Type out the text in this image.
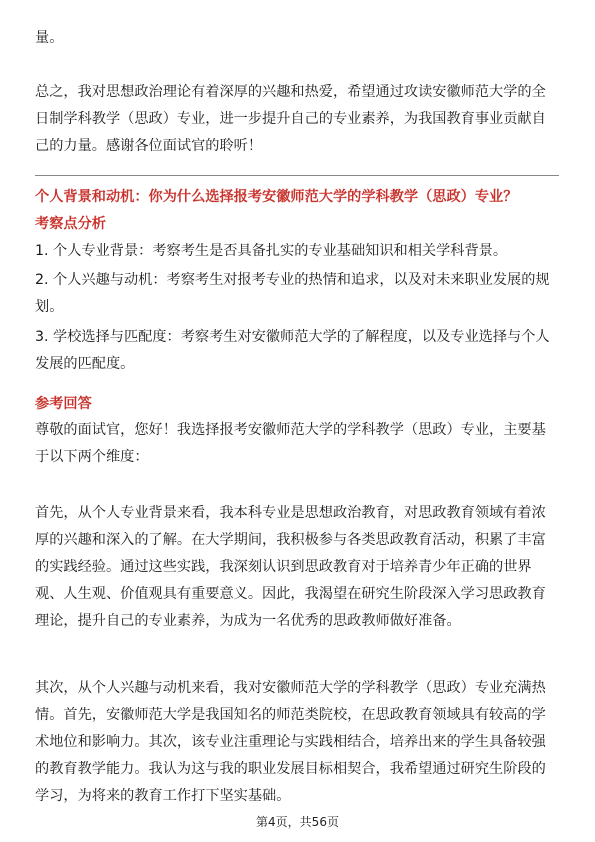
量。

总之，我对思想政治理论有着深厚的兴趣和热爱，希望通过攻读安徽师范大学的全日制学科教学（思政）专业，进一步提升自己的专业素养，为我国教育事业贡献自己的力量。感谢各位面试官的聆听！

个人背景和动机：你为什么选择报考安徽师范大学的学科教学（思政）专业？

考察点分析

1. 个人专业背景：考察考生是否具备扎实的专业基础知识和相关学科背景。

2. 个人兴趣与动机：考察考生对报考专业的热情和追求，以及对未来职业发展的规划。

3. 学校选择与匹配度：考察考生对安徽师范大学的了解程度，以及专业选择与个人发展的匹配度。

参考回答

尊敬的面试官，您好！我选择报考安徽师范大学的学科教学（思政）专业，主要基于以下两个维度：

首先，从个人专业背景来看，我本科专业是思想政治教育，对思政教育领域有着浓厚的兴趣和深入的了解。在大学期间，我积极参与各类思政教育活动，积累了丰富的实践经验。通过这些实践，我深刻认识到思政教育对于培养青少年正确的世界观、人生观、价值观具有重要意义。因此，我渴望在研究生阶段深入学习思政教育理论，提升自己的专业素养，为成为一名优秀的思政教师做好准备。

其次，从个人兴趣与动机来看，我对安徽师范大学的学科教学（思政）专业充满热情。首先，安徽师范大学是我国知名的师范类院校，在思政教育领域具有较高的学术地位和影响力。其次，该专业注重理论与实践相结合，培养出来的学生具备较强的教育教学能力。我认为这与我的职业发展目标相契合，我希望通过研究生阶段的学习，为将来的教育工作打下坚实基础。

第4页，共56页
